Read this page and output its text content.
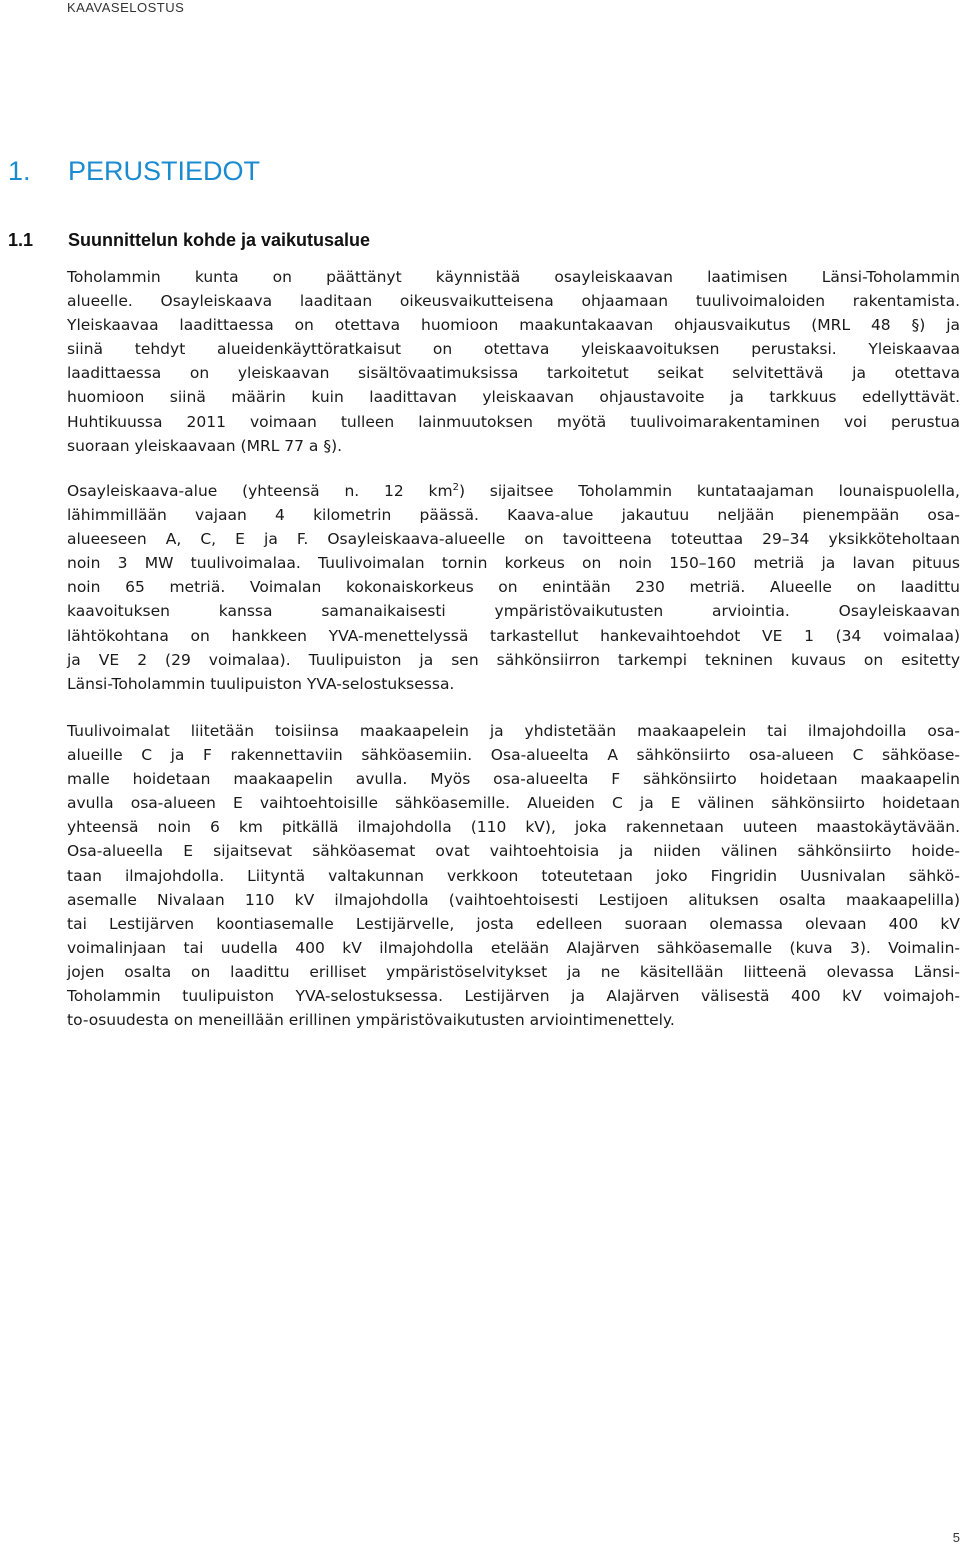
KAAVASELOSTUS
1. PERUSTIEDOT
1.1 Suunnittelun kohde ja vaikutusalue
Toholammin kunta on päättänyt käynnistää osayleiskaavan laatimisen Länsi-Toholammin
alueelle. Osayleiskaava laaditaan oikeusvaikutteisena ohjaamaan tuulivoimaloiden rakentamista.
Yleiskaavaa laadittaessa on otettava huomioon maakuntakaavan ohjausvaikutus (MRL 48 §) ja
siinä tehdyt alueidenkäyttöratkaisut on otettava yleiskaavoituksen perustaksi. Yleiskaavaa
laadittaessa on yleiskaavan sisältövaatimuksissa tarkoitetut seikat selvitettävä ja otettava
huomioon siinä määrin kuin laadittavan yleiskaavan ohjaustavoite ja tarkkuus edellyttävät.
Huhtikuussa 2011 voimaan tulleen lainmuutoksen myötä tuulivoimarakentaminen voi perustua
suoraan yleiskaavaan (MRL 77 a §).
Osayleiskaava-alue (yhteensä n. 12 $km^2$) sijaitsee Toholammin kuntataajaman lounaispuolella,
lähimmillään vajaan 4 kilometrin päässä. Kaava-alue jakautuu neljään pienempään osa-
alueeseen A, C, E ja F. Osayleiskaava-alueelle on tavoitteena toteuttaa 29–34 yksikköteholtaan
noin 3 MW tuulivoimalaa. Tuulivoimalan tornin korkeus on noin 150–160 metriä ja lavan pituus
noin 65 metriä. Voimalan kokonaiskorkeus on enintään 230 metriä. Alueelle on laadittu
kaavoituksen kanssa samanaikaisesti ympäristövaikutusten arviointia. Osayleiskaavan
lähtökohtana on hankkeen YVA-menettelyssä tarkastellut hankevaihtoehdot VE 1 (34 voimalaa)
ja VE 2 (29 voimalaa). Tuulipuiston ja sen sähkönsiirron tarkempi tekninen kuvaus on esitetty
Länsi-Toholammin tuulipuiston YVA-selostuksessa.
Tuulivoimalat liitetään toisiinsa maakaapelein ja yhdistetään maakaapelein tai ilmajohdoilla osa-
alueille C ja F rakennettaviin sähköasemiin. Osa-alueelta A sähkönsiirto osa-alueen C sähköase-
malle hoidetaan maakaapelin avulla. Myös osa-alueelta F sähkönsiirto hoidetaan maakaapelin
avulla osa-alueen E vaihtoehtoisille sähköasemille. Alueiden C ja E välinen sähkönsiirto hoidetaan
yhteensä noin 6 km pitkällä ilmajohdolla (110 kV), joka rakennetaan uuteen maastokäytävään.
Osa-alueella E sijaitsevat sähköasemat ovat vaihtoehtoisia ja niiden välinen sähkönsiirto hoide-
taan ilmajohdolla. Liityntä valtakunnan verkkoon toteutetaan joko Fingridin Uusnivalan sähkö-
asemalle Nivalaan 110 kV ilmajohdolla (vaihtoehtoisesti Lestijoen alituksen osalta maakaapelilla)
tai Lestijärven koontiasemalle Lestijärvelle, josta edelleen suoraan olemassa olevaan 400 kV
voimalinjaan tai uudella 400 kV ilmajohdolla etelään Alajärven sähköasemalle (kuva 3). Voimalin-
jojen osalta on laadittu erilliset ympäristöselvitykset ja ne käsitellään liitteenä olevassa Länsi-
Toholammin tuulipuiston YVA-selostuksessa. Lestijärven ja Alajärven välisestä 400 kV voimajoh-
to-osuudesta on meneillään erillinen ympäristövaikutusten arviointimenettely.
5
